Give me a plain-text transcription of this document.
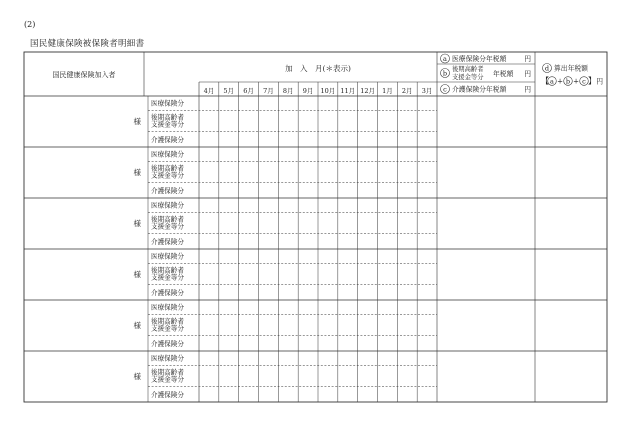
(2)
国民健康保険被保険者明細書
4月 5月 6月 7月 8月 9月 10月 11月 12月 1月 2月 3月
国民健康保険加入者
加　入　月(＊表示)
a 医療保険分年税額	円
b 後期高齢者
支援金等分 年税額 円
c 介護保険分年税額	円
d 算出年税額
【 a + b + c 】 円
様
医療保険分
後期高齢者
支援金等分
介護保険分
様
医療保険分
後期高齢者
支援金等分
介護保険分
様
医療保険分
後期高齢者
支援金等分
介護保険分
様
医療保険分
後期高齢者
支援金等分
介護保険分
様
医療保険分
後期高齢者
支援金等分
介護保険分
様
医療保険分
後期高齢者
支援金等分
介護保険分
